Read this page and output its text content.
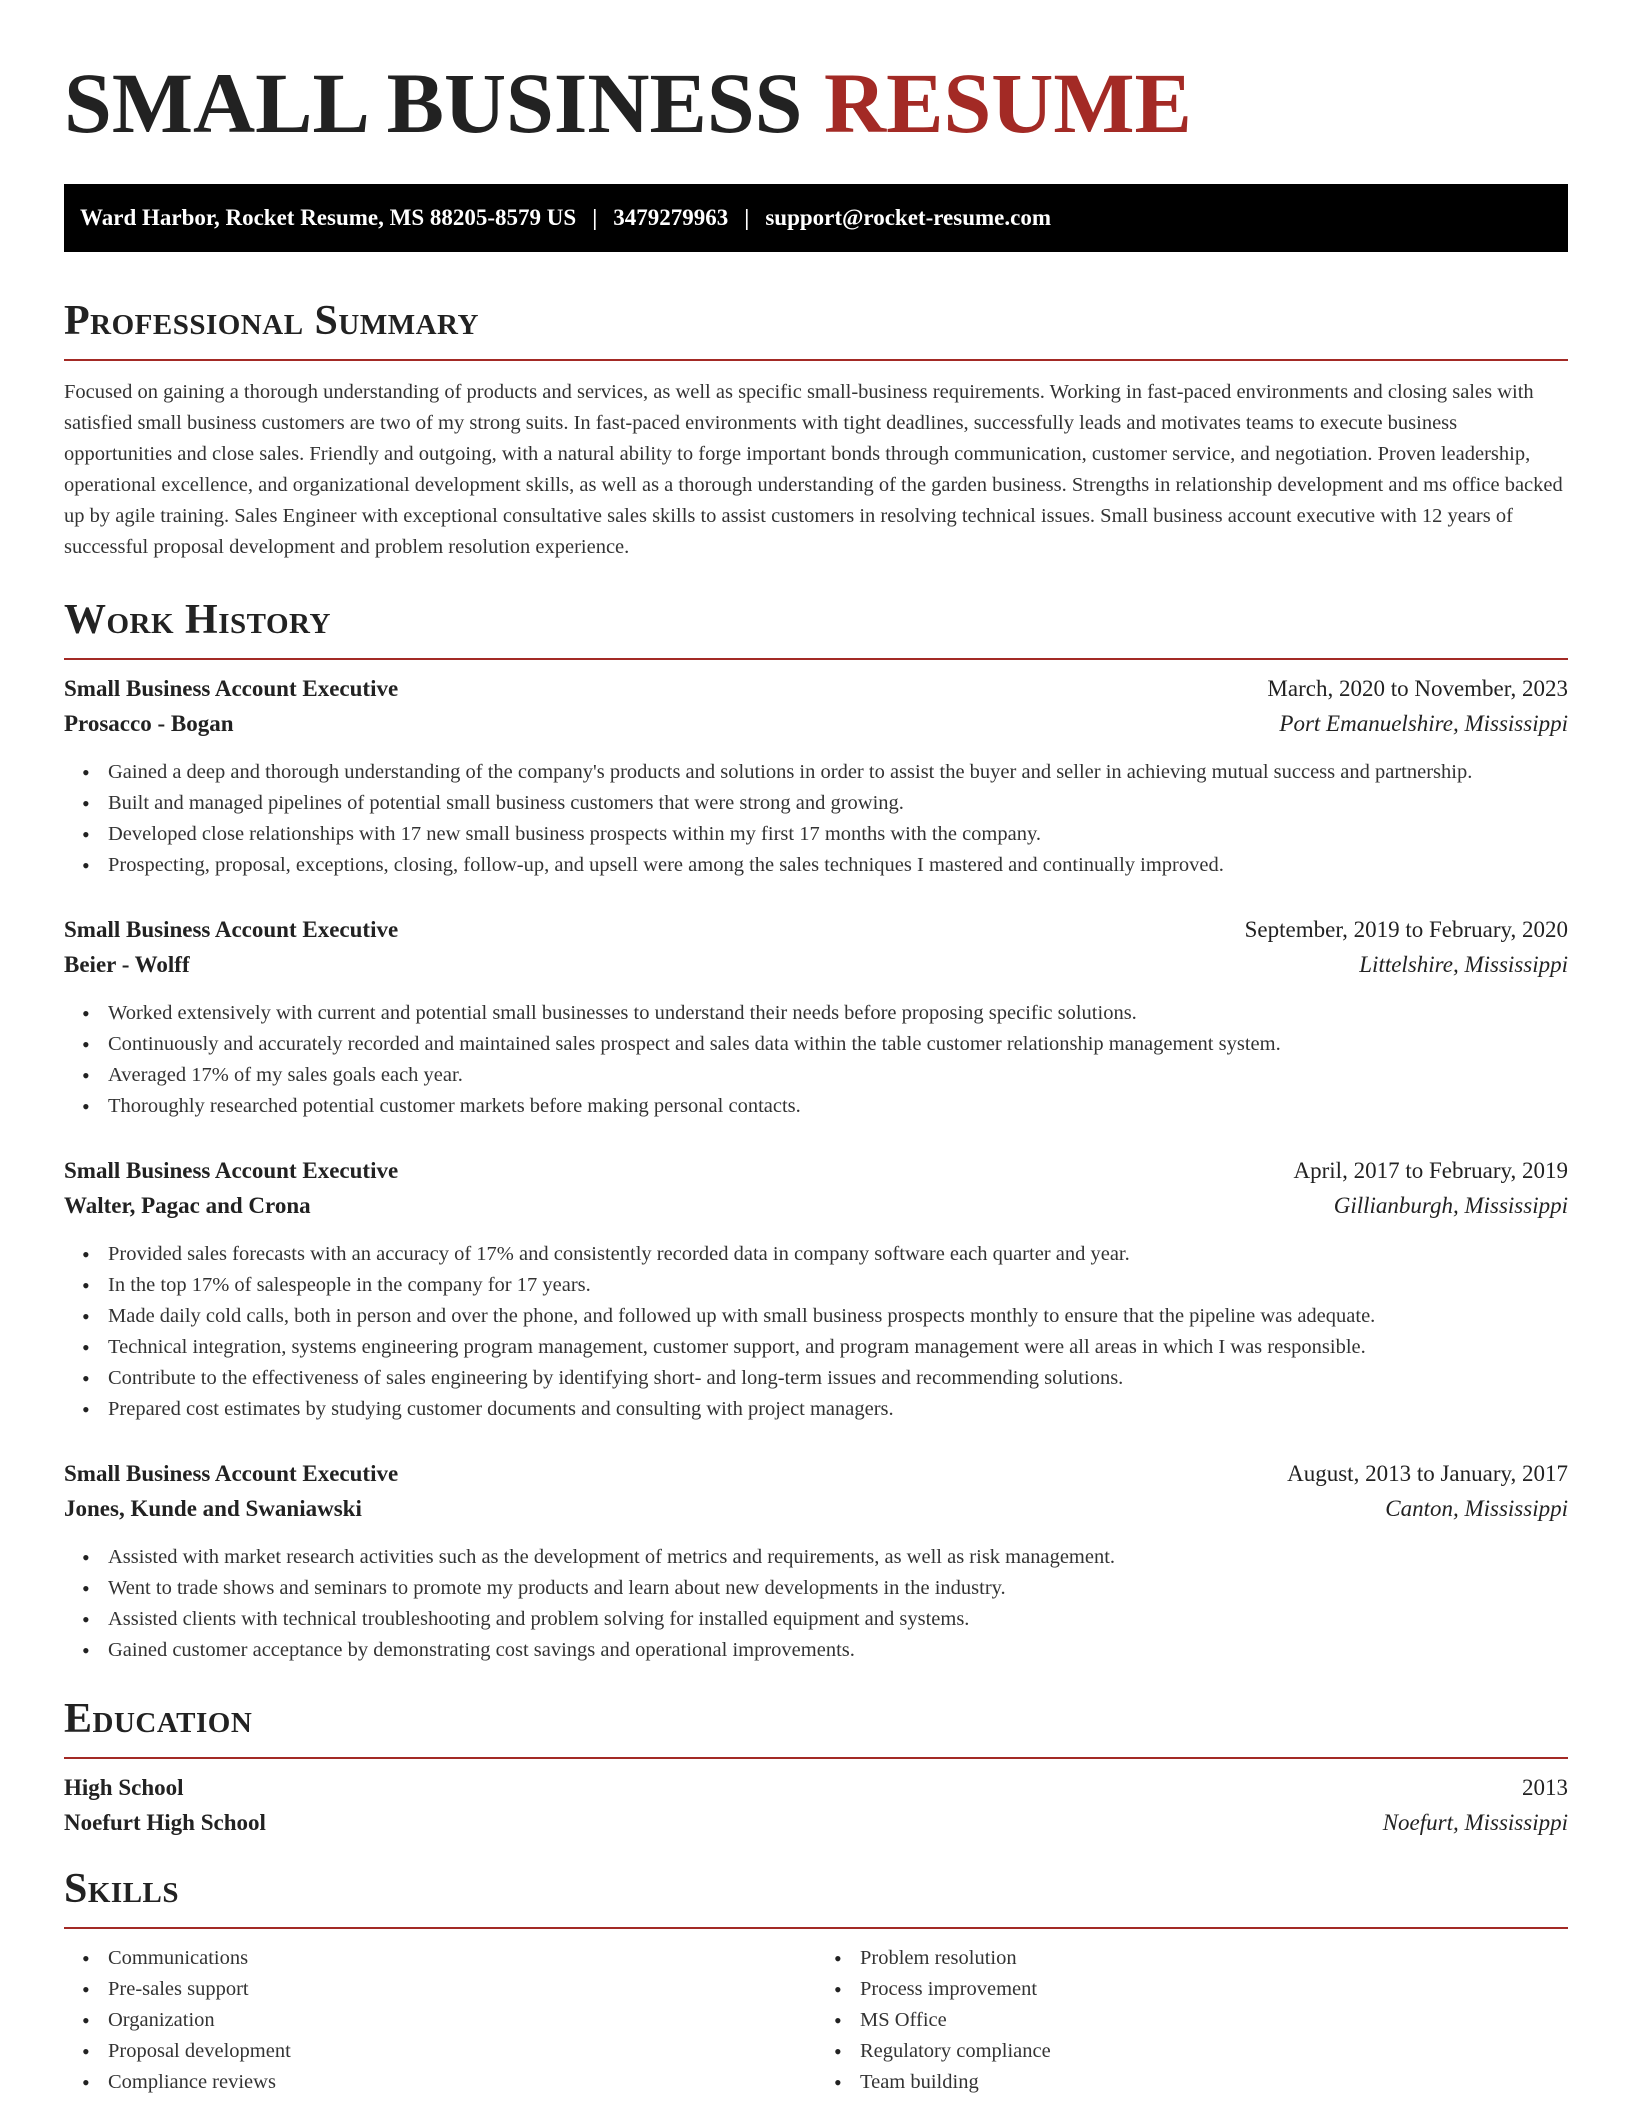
SMALL BUSINESS RESUME
Ward Harbor, Rocket Resume, MS 88205-8579 US | 3479279963 | support@rocket-resume.com
Professional Summary

Focused on gaining a thorough understanding of products and services, as well as specific small-business requirements. Working in fast-paced environments and closing sales with satisfied small business customers are two of my strong suits. In fast-paced environments with tight deadlines, successfully leads and motivates teams to execute business opportunities and close sales. Friendly and outgoing, with a natural ability to forge important bonds through communication, customer service, and negotiation. Proven leadership, operational excellence, and organizational development skills, as well as a thorough understanding of the garden business. Strengths in relationship development and ms office backed up by agile training. Sales Engineer with exceptional consultative sales skills to assist customers in resolving technical issues. Small business account executive with 12 years of successful proposal development and problem resolution experience.

Work History
Small Business Account Executive	March, 2020 to November, 2023
Prosacco - Bogan	Port Emanuelshire, Mississippi
• Gained a deep and thorough understanding of the company's products and solutions in order to assist the buyer and seller in achieving mutual success and partnership.
• Built and managed pipelines of potential small business customers that were strong and growing.
• Developed close relationships with 17 new small business prospects within my first 17 months with the company.
• Prospecting, proposal, exceptions, closing, follow-up, and upsell were among the sales techniques I mastered and continually improved.
Small Business Account Executive	September, 2019 to February, 2020
Beier - Wolff	Littelshire, Mississippi
• Worked extensively with current and potential small businesses to understand their needs before proposing specific solutions.
• Continuously and accurately recorded and maintained sales prospect and sales data within the table customer relationship management system.
• Averaged 17% of my sales goals each year.
• Thoroughly researched potential customer markets before making personal contacts.
Small Business Account Executive	April, 2017 to February, 2019
Walter, Pagac and Crona	Gillianburgh, Mississippi
• Provided sales forecasts with an accuracy of 17% and consistently recorded data in company software each quarter and year.
• In the top 17% of salespeople in the company for 17 years.
• Made daily cold calls, both in person and over the phone, and followed up with small business prospects monthly to ensure that the pipeline was adequate.
• Technical integration, systems engineering program management, customer support, and program management were all areas in which I was responsible.
• Contribute to the effectiveness of sales engineering by identifying short- and long-term issues and recommending solutions.
• Prepared cost estimates by studying customer documents and consulting with project managers.
Small Business Account Executive	August, 2013 to January, 2017
Jones, Kunde and Swaniawski	Canton, Mississippi
• Assisted with market research activities such as the development of metrics and requirements, as well as risk management.
• Went to trade shows and seminars to promote my products and learn about new developments in the industry.
• Assisted clients with technical troubleshooting and problem solving for installed equipment and systems.
• Gained customer acceptance by demonstrating cost savings and operational improvements.
Education
High School	2013
Noefurt High School	Noefurt, Mississippi
Skills
• Communications
• Pre-sales support
• Organization
• Proposal development
• Compliance reviews
• Problem resolution
• Process improvement
• MS Office
• Regulatory compliance
• Team building
